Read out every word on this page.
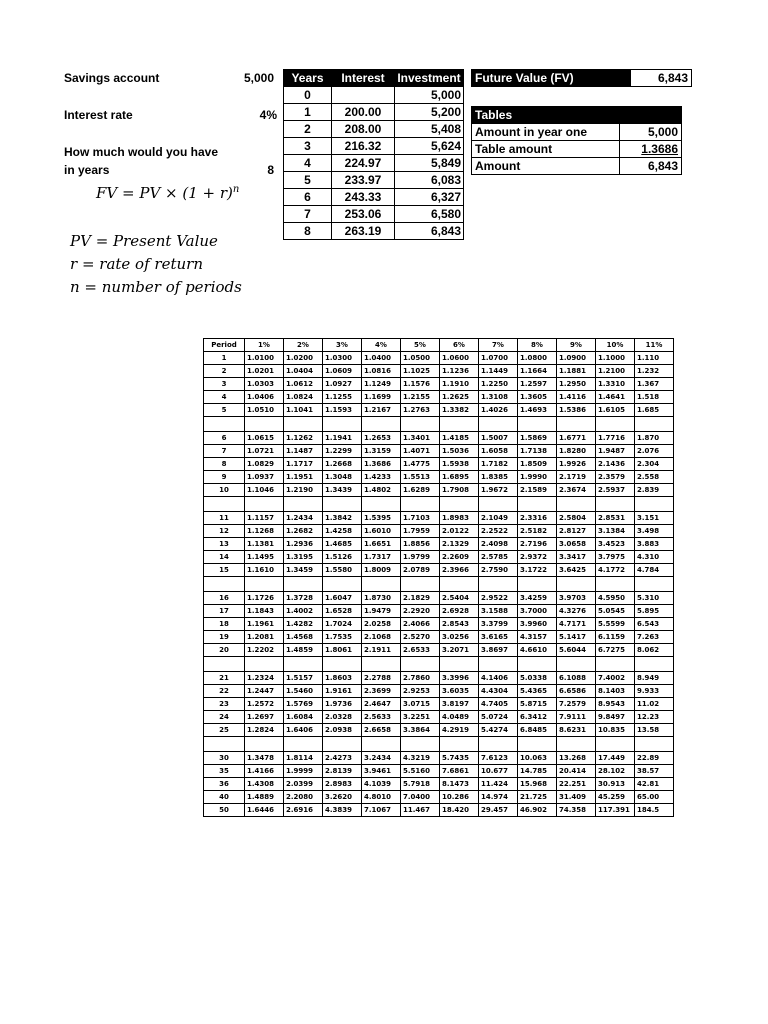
Savings account	5,000
Interest rate	4%
How much would you have
in years	8
FV = PV × $(1 + r)^n$
PV = Present Value
r = rate of return
n = number of periods
Years	Interest	Investment
0		5,000
1	200.00	5,200
2	208.00	5,408
3	216.32	5,624
4	224.97	5,849
5	233.97	6,083
6	243.33	6,327
7	253.06	6,580
8	263.19	6,843
Future Value (FV)		6,843
Tables	
Amount in year one	5,000
Table amount	1.3686
Amount	6,843
Period	1%	2%	3%	4%	5%	6%	7%	8%	9%	10%	11%
1	1.0100	1.0200	1.0300	1.0400	1.0500	1.0600	1.0700	1.0800	1.0900	1.1000	1.110
2	1.0201	1.0404	1.0609	1.0816	1.1025	1.1236	1.1449	1.1664	1.1881	1.2100	1.232
3	1.0303	1.0612	1.0927	1.1249	1.1576	1.1910	1.2250	1.2597	1.2950	1.3310	1.367
4	1.0406	1.0824	1.1255	1.1699	1.2155	1.2625	1.3108	1.3605	1.4116	1.4641	1.518
5	1.0510	1.1041	1.1593	1.2167	1.2763	1.3382	1.4026	1.4693	1.5386	1.6105	1.685

6	1.0615	1.1262	1.1941	1.2653	1.3401	1.4185	1.5007	1.5869	1.6771	1.7716	1.870
7	1.0721	1.1487	1.2299	1.3159	1.4071	1.5036	1.6058	1.7138	1.8280	1.9487	2.076
8	1.0829	1.1717	1.2668	1.3686	1.4775	1.5938	1.7182	1.8509	1.9926	2.1436	2.304
9	1.0937	1.1951	1.3048	1.4233	1.5513	1.6895	1.8385	1.9990	2.1719	2.3579	2.558
10	1.1046	1.2190	1.3439	1.4802	1.6289	1.7908	1.9672	2.1589	2.3674	2.5937	2.839

11	1.1157	1.2434	1.3842	1.5395	1.7103	1.8983	2.1049	2.3316	2.5804	2.8531	3.151
12	1.1268	1.2682	1.4258	1.6010	1.7959	2.0122	2.2522	2.5182	2.8127	3.1384	3.498
13	1.1381	1.2936	1.4685	1.6651	1.8856	2.1329	2.4098	2.7196	3.0658	3.4523	3.883
14	1.1495	1.3195	1.5126	1.7317	1.9799	2.2609	2.5785	2.9372	3.3417	3.7975	4.310
15	1.1610	1.3459	1.5580	1.8009	2.0789	2.3966	2.7590	3.1722	3.6425	4.1772	4.784

16	1.1726	1.3728	1.6047	1.8730	2.1829	2.5404	2.9522	3.4259	3.9703	4.5950	5.310
17	1.1843	1.4002	1.6528	1.9479	2.2920	2.6928	3.1588	3.7000	4.3276	5.0545	5.895
18	1.1961	1.4282	1.7024	2.0258	2.4066	2.8543	3.3799	3.9960	4.7171	5.5599	6.543
19	1.2081	1.4568	1.7535	2.1068	2.5270	3.0256	3.6165	4.3157	5.1417	6.1159	7.263
20	1.2202	1.4859	1.8061	2.1911	2.6533	3.2071	3.8697	4.6610	5.6044	6.7275	8.062

21	1.2324	1.5157	1.8603	2.2788	2.7860	3.3996	4.1406	5.0338	6.1088	7.4002	8.949
22	1.2447	1.5460	1.9161	2.3699	2.9253	3.6035	4.4304	5.4365	6.6586	8.1403	9.933
23	1.2572	1.5769	1.9736	2.4647	3.0715	3.8197	4.7405	5.8715	7.2579	8.9543	11.02
24	1.2697	1.6084	2.0328	2.5633	3.2251	4.0489	5.0724	6.3412	7.9111	9.8497	12.23
25	1.2824	1.6406	2.0938	2.6658	3.3864	4.2919	5.4274	6.8485	8.6231	10.835	13.58

30	1.3478	1.8114	2.4273	3.2434	4.3219	5.7435	7.6123	10.063	13.268	17.449	22.89
35	1.4166	1.9999	2.8139	3.9461	5.5160	7.6861	10.677	14.785	20.414	28.102	38.57
36	1.4308	2.0399	2.8983	4.1039	5.7918	8.1473	11.424	15.968	22.251	30.913	42.81
40	1.4889	2.2080	3.2620	4.8010	7.0400	10.286	14.974	21.725	31.409	45.259	65.00
50	1.6446	2.6916	4.3839	7.1067	11.467	18.420	29.457	46.902	74.358	117.391	184.5
